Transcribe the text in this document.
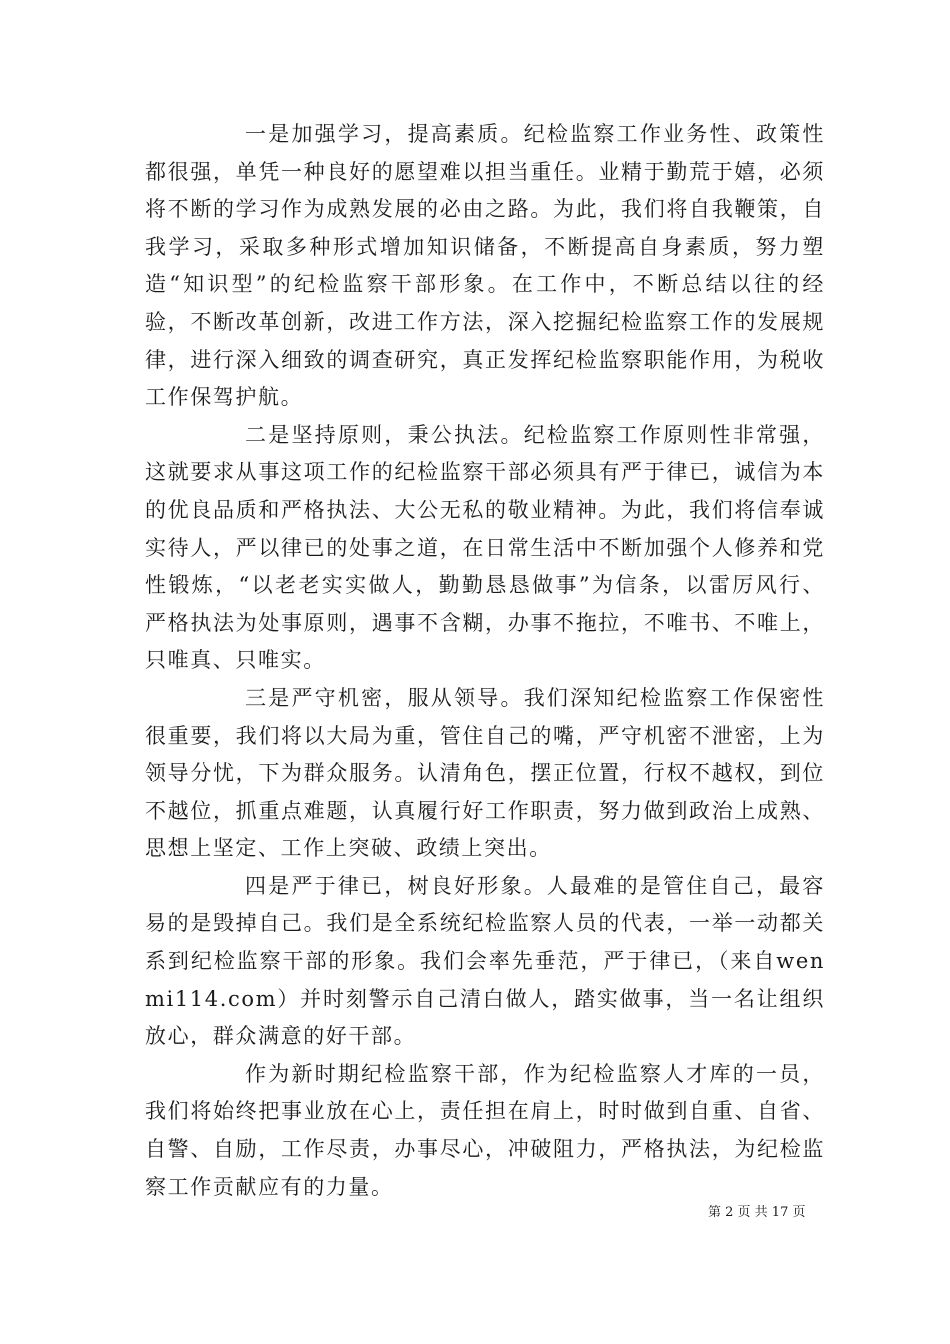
一是加强学习，提高素质。纪检监察工作业务性、政策性都很强，单凭一种良好的愿望难以担当重任。业精于勤荒于嬉，必须将不断的学习作为成熟发展的必由之路。为此，我们将自我鞭策，自我学习，采取多种形式增加知识储备，不断提高自身素质，努力塑造“知识型”的纪检监察干部形象。在工作中，不断总结以往的经验，不断改革创新，改进工作方法，深入挖掘纪检监察工作的发展规律，进行深入细致的调查研究，真正发挥纪检监察职能作用，为税收工作保驾护航。

二是坚持原则，秉公执法。纪检监察工作原则性非常强，这就要求从事这项工作的纪检监察干部必须具有严于律已，诚信为本的优良品质和严格执法、大公无私的敬业精神。为此，我们将信奉诚实待人，严以律已的处事之道，在日常生活中不断加强个人修养和党性锻炼，“以老老实实做人，勤勤恳恳做事”为信条，以雷厉风行、严格执法为处事原则，遇事不含糊，办事不拖拉，不唯书、不唯上，只唯真、只唯实。

三是严守机密，服从领导。我们深知纪检监察工作保密性很重要，我们将以大局为重，管住自己的嘴，严守机密不泄密，上为领导分忧，下为群众服务。认清角色，摆正位置，行权不越权，到位不越位，抓重点难题，认真履行好工作职责，努力做到政治上成熟、思想上坚定、工作上突破、政绩上突出。

四是严于律已，树良好形象。人最难的是管住自己，最容易的是毁掉自己。我们是全系统纪检监察人员的代表，一举一动都关系到纪检监察干部的形象。我们会率先垂范，严于律已，（来自wenmi114.com）并时刻警示自己清白做人，踏实做事，当一名让组织放心，群众满意的好干部。

作为新时期纪检监察干部，作为纪检监察人才库的一员，我们将始终把事业放在心上，责任担在肩上，时时做到自重、自省、自警、自励，工作尽责，办事尽心，冲破阻力，严格执法，为纪检监察工作贡献应有的力量。

第 2 页 共 17 页
